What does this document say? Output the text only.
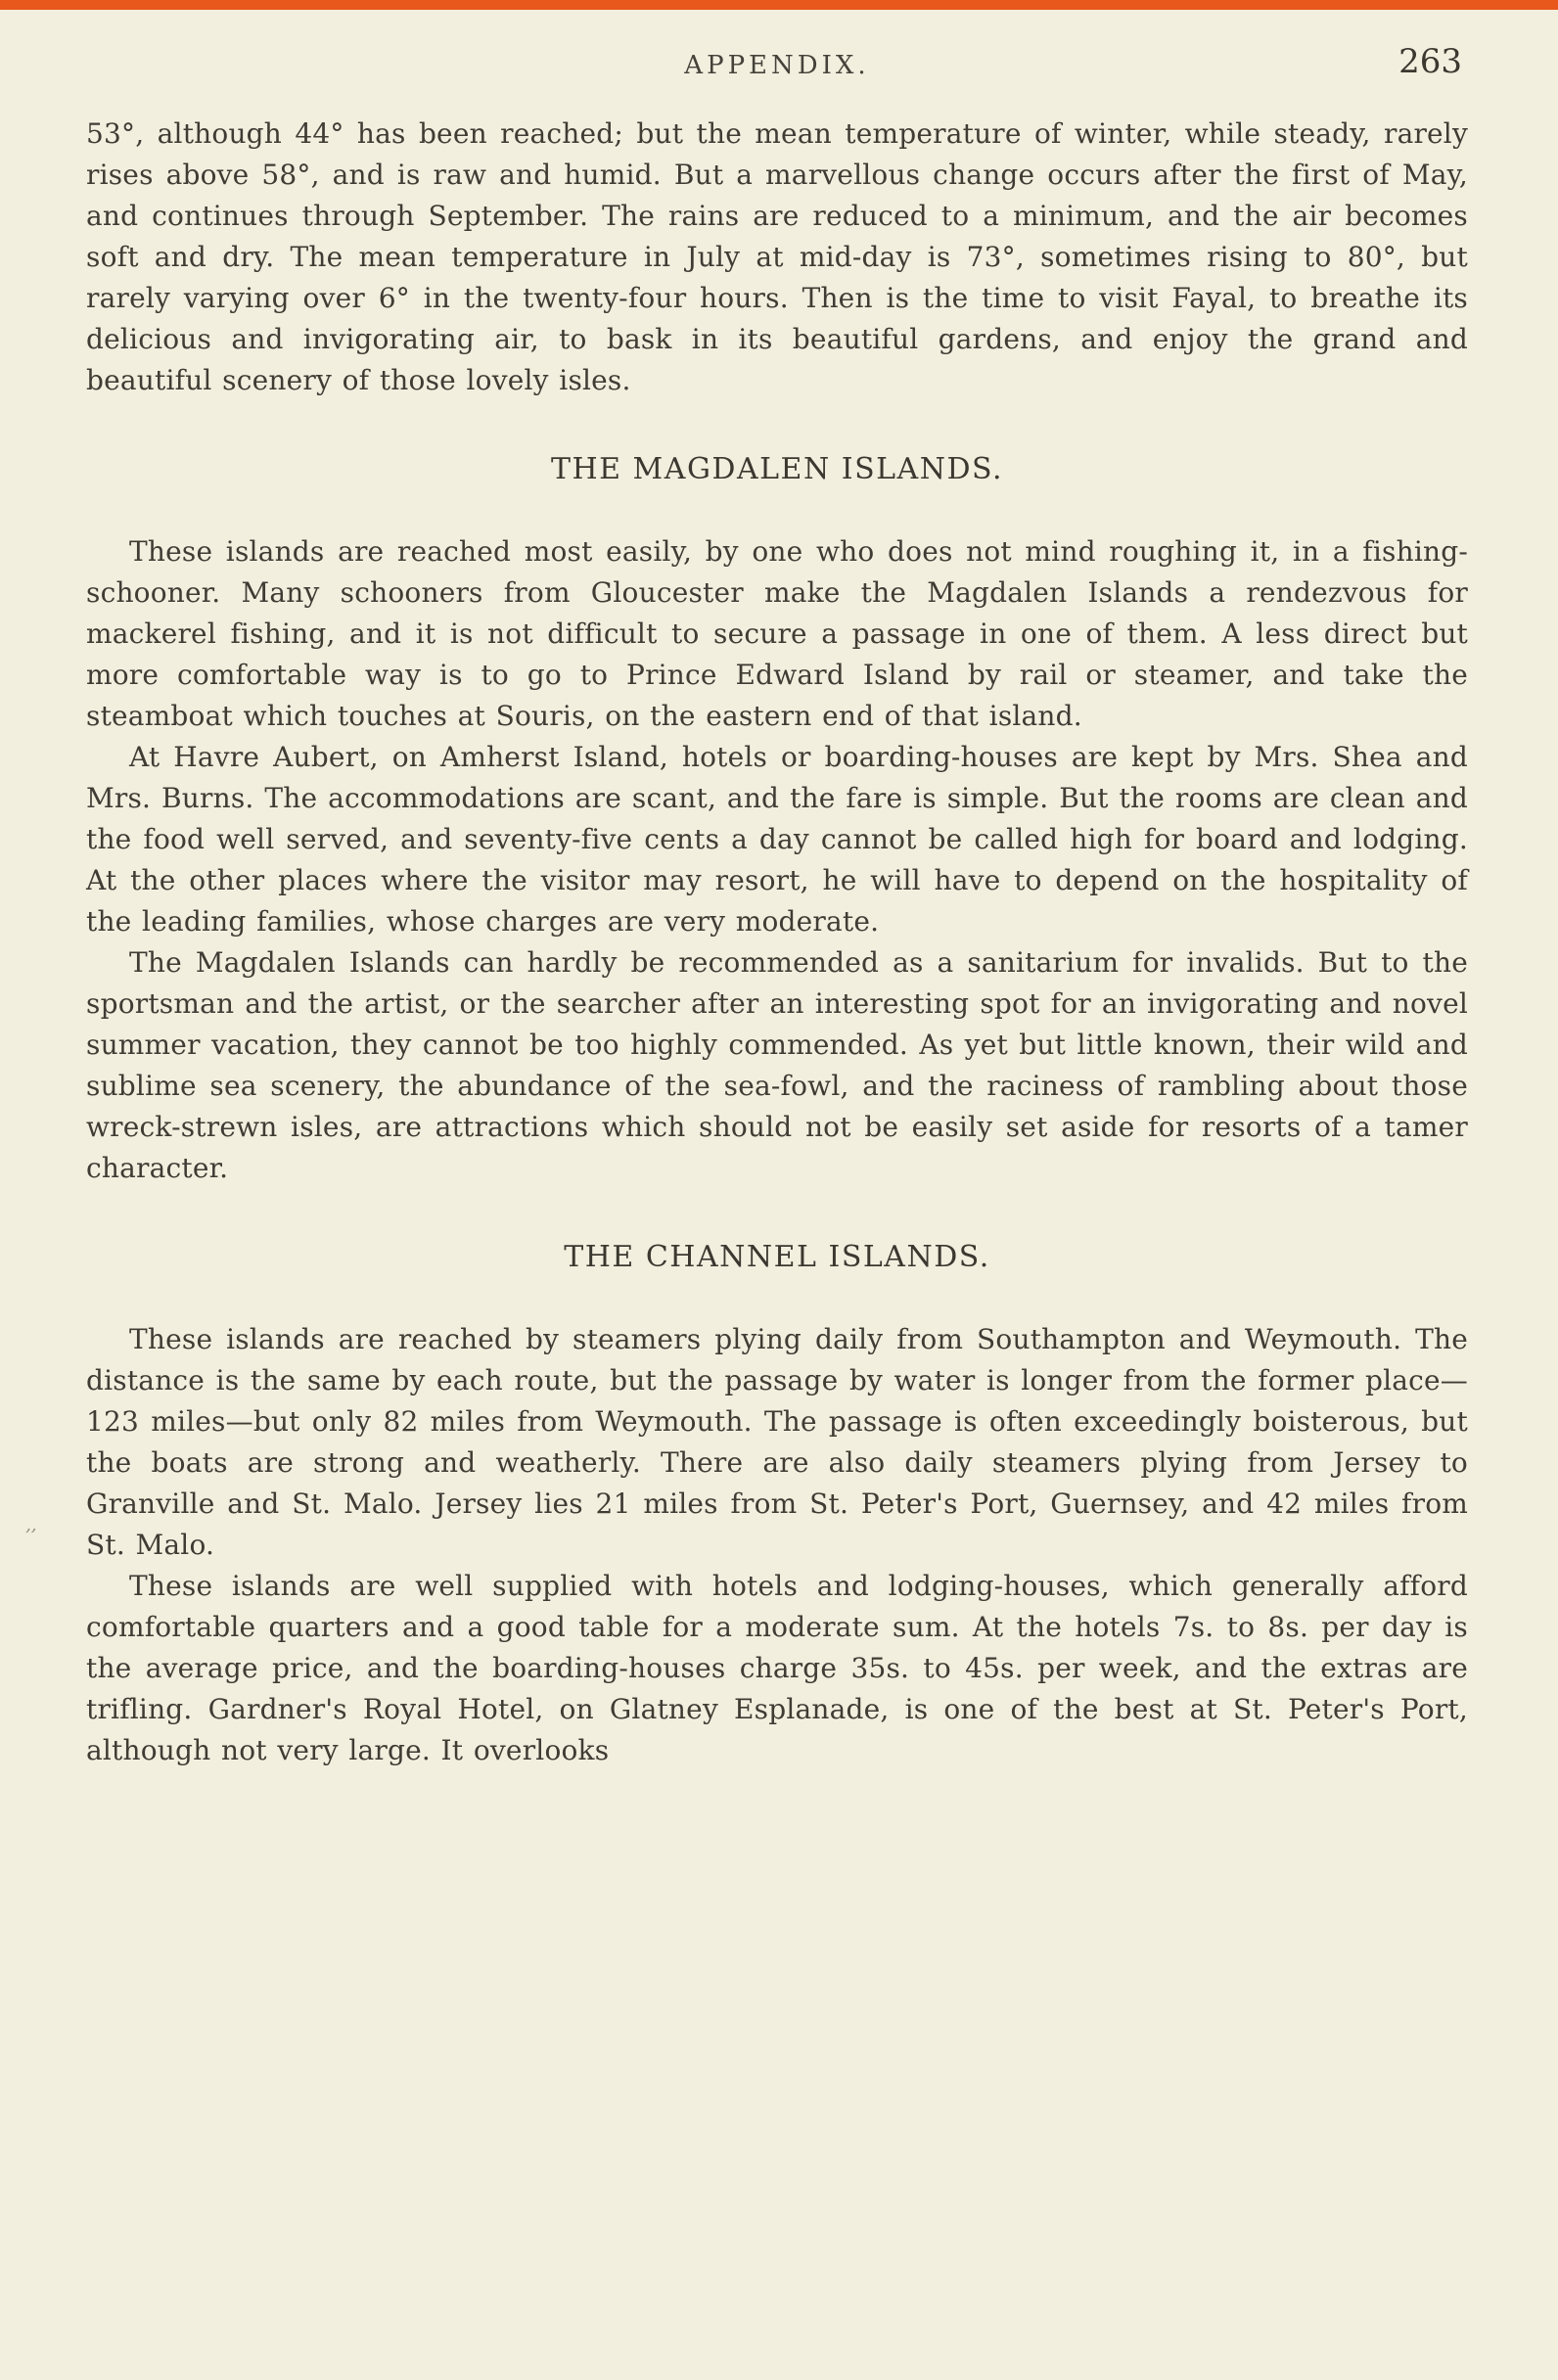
APPENDIX.	263

53°, although 44° has been reached; but the mean temperature of winter, while steady, rarely rises above 58°, and is raw and humid. But a marvellous change occurs after the first of May, and continues through September. The rains are reduced to a minimum, and the air becomes soft and dry. The mean temperature in July at mid-day is 73°, sometimes rising to 80°, but rarely varying over 6° in the twenty-four hours. Then is the time to visit Fayal, to breathe its delicious and invigorating air, to bask in its beautiful gardens, and enjoy the grand and beautiful scenery of those lovely isles.

THE MAGDALEN ISLANDS.

These islands are reached most easily, by one who does not mind roughing it, in a fishing-schooner. Many schooners from Gloucester make the Magdalen Islands a rendezvous for mackerel fishing, and it is not difficult to secure a passage in one of them. A less direct but more comfortable way is to go to Prince Edward Island by rail or steamer, and take the steamboat which touches at Souris, on the eastern end of that island.

At Havre Aubert, on Amherst Island, hotels or boarding-houses are kept by Mrs. Shea and Mrs. Burns. The accommodations are scant, and the fare is simple. But the rooms are clean and the food well served, and seventy-five cents a day cannot be called high for board and lodging. At the other places where the visitor may resort, he will have to depend on the hospitality of the leading families, whose charges are very moderate.

The Magdalen Islands can hardly be recommended as a sanitarium for invalids. But to the sportsman and the artist, or the searcher after an interesting spot for an invigorating and novel summer vacation, they cannot be too highly commended. As yet but little known, their wild and sublime sea scenery, the abundance of the sea-fowl, and the raciness of rambling about those wreck-strewn isles, are attractions which should not be easily set aside for resorts of a tamer character.

THE CHANNEL ISLANDS.

These islands are reached by steamers plying daily from Southampton and Weymouth. The distance is the same by each route, but the passage by water is longer from the former place—123 miles—but only 82 miles from Weymouth. The passage is often exceedingly boisterous, but the boats are strong and weatherly. There are also daily steamers plying from Jersey to Granville and St. Malo. Jersey lies 21 miles from St. Peter's Port, Guernsey, and 42 miles from St. Malo.

These islands are well supplied with hotels and lodging-houses, which generally afford comfortable quarters and a good table for a moderate sum. At the hotels 7s. to 8s. per day is the average price, and the boarding-houses charge 35s. to 45s. per week, and the extras are trifling. Gardner's Royal Hotel, on Glatney Esplanade, is one of the best at St. Peter's Port, although not very large. It overlooks

‚,
